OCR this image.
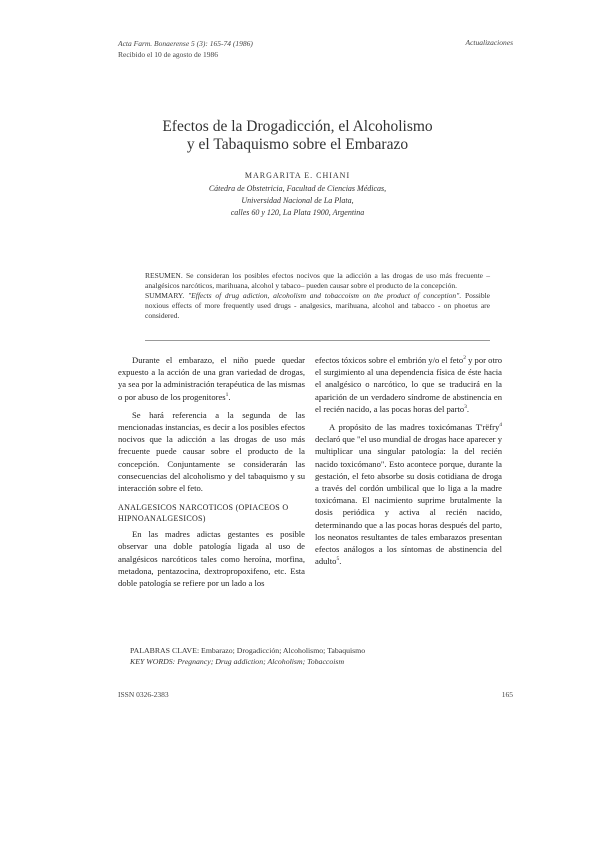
Acta Farm. Bonaerense 5 (3): 165-74 (1986)
Recibido el 10 de agosto de 1986
Actualizaciones
Efectos de la Drogadicción, el Alcoholismo
y el Tabaquismo sobre el Embarazo
MARGARITA E. CHIANI
Cátedra de Obstetricia, Facultad de Ciencias Médicas,
Universidad Nacional de La Plata,
calles 60 y 120, La Plata 1900, Argentina

RESUMEN. Se consideran los posibles efectos nocivos que la adicción a las drogas de uso más frecuente –analgésicos narcóticos, marihuana, alcohol y tabaco– pueden causar sobre el producto de la concepción.

SUMMARY. "Effects of drug adiction, alcoholism and tobaccoism on the product of conception". Possible noxious effects of more frequently used drugs - analgesics, marihuana, alcohol and tabacco - on phoetus are considered.

Durante el embarazo, el niño puede quedar expuesto a la acción de una gran variedad de drogas, ya sea por la administración terapéutica de las mismas o por abuso de los progenitores$^1$.

Se hará referencia a la segunda de las mencionadas instancias, es decir a los posibles efectos nocivos que la adicción a las drogas de uso más frecuente puede causar sobre el producto de la concepción. Conjuntamente se considerarán las consecuencias del alcoholismo y del tabaquismo y su interacción sobre el feto.

ANALGESICOS NARCOTICOS (OPIACEOS O HIPNOANALGESICOS)

En las madres adictas gestantes es posible observar una doble patología ligada al uso de analgésicos narcóticos tales como heroína, morfina, metadona, pentazocina, dextropropoxifeno, etc. Esta doble patología se refiere por un lado a los

efectos tóxicos sobre el embrión y/o el feto$^2$ y por otro el surgimiento al una dependencia física de éste hacia el analgésico o narcótico, lo que se traducirá en la aparición de un verdadero síndrome de abstinencia en el recién nacido, a las pocas horas del parto$^3$.

A propósito de las madres toxicómanas T'rëfry$^4$ declaró que "el uso mundial de drogas hace aparecer y multiplicar una singular patología: la del recién nacido toxicómano". Esto acontece porque, durante la gestación, el feto absorbe su dosis cotidiana de droga a través del cordón umbilical que lo liga a la madre toxicómana. El nacimiento suprime brutalmente la dosis periódica y activa al recién nacido, determinando que a las pocas horas después del parto, los neonatos resultantes de tales embarazos presentan efectos análogos a los síntomas de abstinencia del adulto$^5$.

PALABRAS CLAVE: Embarazo; Drogadicción; Alcoholismo; Tabaquismo
KEY WORDS: Pregnancy; Drug addiction; Alcoholism; Tobaccoism
ISSN 0326-2383	165
